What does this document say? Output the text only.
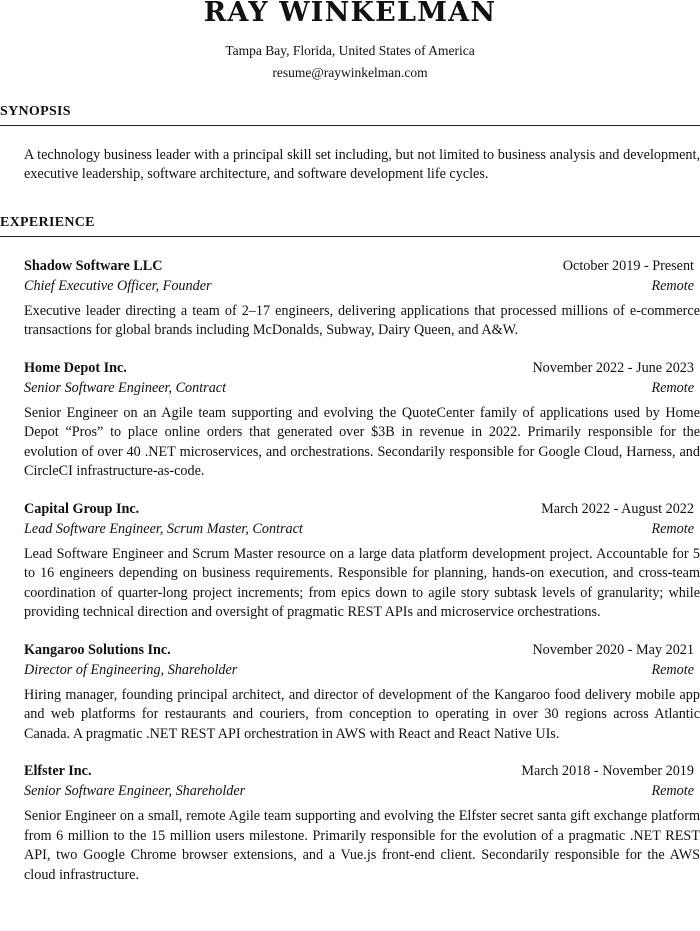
RAY WINKELMAN
Tampa Bay, Florida, United States of America
resume@raywinkelman.com
SYNOPSIS

A technology business leader with a principal skill set including, but not limited to business analysis and development, executive leadership, software architecture, and software development life cycles.

EXPERIENCE
Shadow Software LLC	October 2019 - Present
Chief Executive Officer, Founder	Remote

Executive leader directing a team of 2–17 engineers, delivering applications that processed millions of e-commerce transactions for global brands including McDonalds, Subway, Dairy Queen, and A&W.

Home Depot Inc.	November 2022 - June 2023
Senior Software Engineer, Contract	Remote

Senior Engineer on an Agile team supporting and evolving the QuoteCenter family of applications used by Home Depot “Pros” to place online orders that generated over $3B in revenue in 2022. Primarily responsible for the evolution of over 40 .NET microservices, and orchestrations. Secondarily responsible for Google Cloud, Harness, and CircleCI infrastructure-as-code.

Capital Group Inc.	March 2022 - August 2022
Lead Software Engineer, Scrum Master, Contract	Remote

Lead Software Engineer and Scrum Master resource on a large data platform development project. Accountable for 5 to 16 engineers depending on business requirements. Responsible for planning, hands-on execution, and cross-team coordination of quarter-long project increments; from epics down to agile story subtask levels of granularity; while providing technical direction and oversight of pragmatic REST APIs and microservice orchestrations.

Kangaroo Solutions Inc.	November 2020 - May 2021
Director of Engineering, Shareholder	Remote

Hiring manager, founding principal architect, and director of development of the Kangaroo food delivery mobile app and web platforms for restaurants and couriers, from conception to operating in over 30 regions across Atlantic Canada. A pragmatic .NET REST API orchestration in AWS with React and React Native UIs.

Elfster Inc.	March 2018 - November 2019
Senior Software Engineer, Shareholder	Remote

Senior Engineer on a small, remote Agile team supporting and evolving the Elfster secret santa gift exchange platform from 6 million to the 15 million users milestone. Primarily responsible for the evolution of a pragmatic .NET REST API, two Google Chrome browser extensions, and a Vue.js front-end client. Secondarily responsible for the AWS cloud infrastructure.
